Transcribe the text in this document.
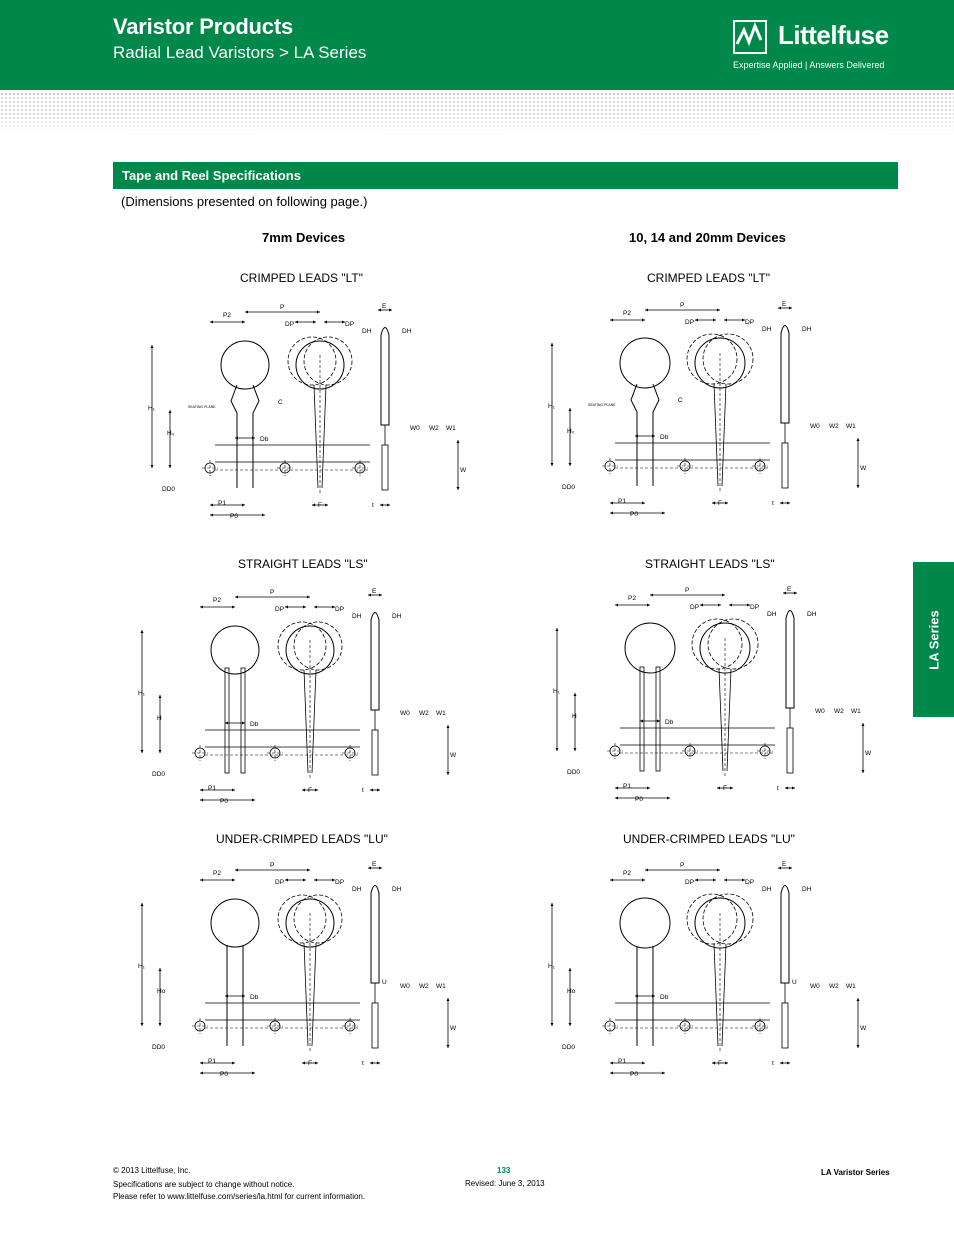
Varistor Products
Radial Lead Varistors > LA Series
Littelfuse
Expertise Applied | Answers Delivered
Tape and Reel Specifications
(Dimensions presented on following page.)
7mm Devices	10, 14 and 20mm Devices
CRIMPED LEADS "LT"	CRIMPED LEADS "LT"
STRAIGHT LEADS "LS"	STRAIGHT LEADS "LS"
UNDER-CRIMPED LEADS "LU"	UNDER-CRIMPED LEADS "LU"
P2
P
DP	DP
E
DH	DH
H₁
H₀
C
Db
W0 W2 W1
W
DD0
P1
P0
F	t
SEATING PLANE
P2
P
DP	DP
E
DH	DH
H₁
H₀
C
Db
W0 W2 W1
W
DD0
P1
P0
F	t
SEATING PLANE
P2
P
DP	DP
E
DH	DH
H₁
H
Db
W0 W2 W1
W
DD0
P1
P0
F	t
P2
P
DP	DP
E
DH	DH
H₁
H
Db
W0 W2 W1
W
DD0
P1
P0
F	t
P2
P
DP	DP
E
DH	DH
H₁
Ho
U
Db
W0 W2 W1
W
DD0
P1
P0
F	t
P2
P
DP	DP
E
DH	DH
H₁
Ho
U
Db
W0 W2 W1
W
DD0
P1
P0
F	t
LA Series
© 2013 Littelfuse, Inc.
Specifications are subject to change without notice.
Please refer to www.littelfuse.com/series/la.html for current information.
133
Revised: June 3, 2013
LA Varistor Series
